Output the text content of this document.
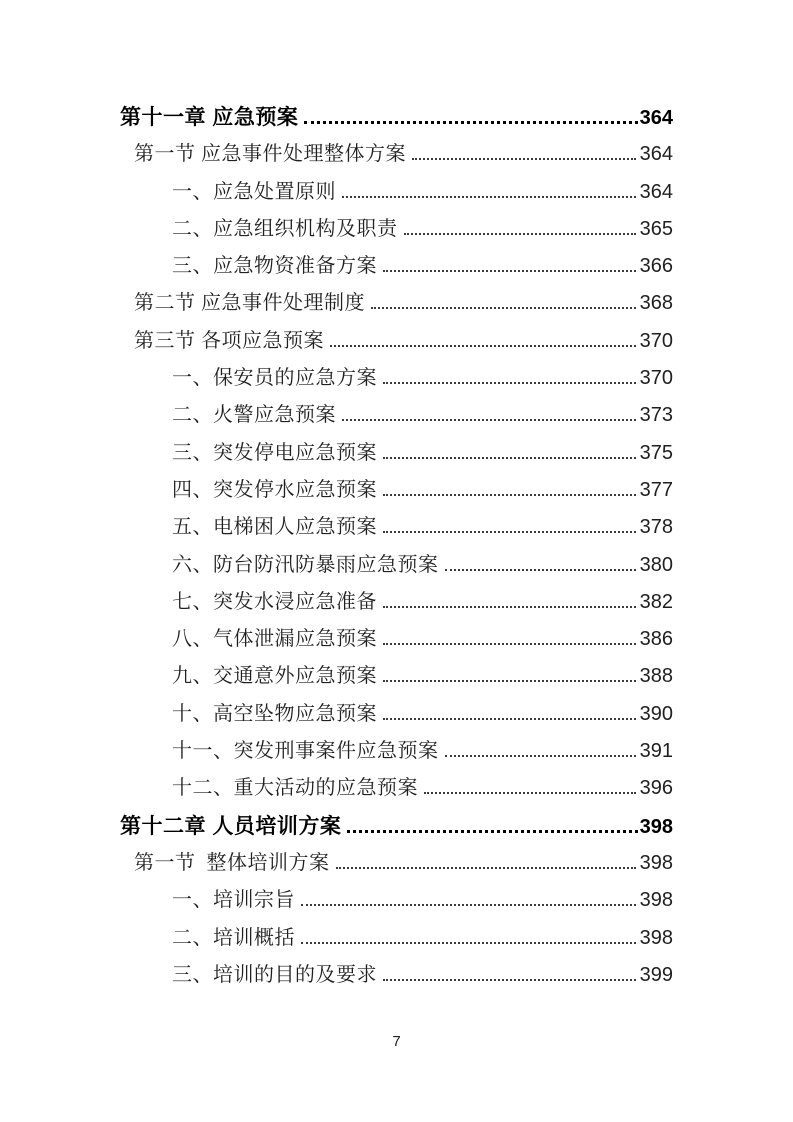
第十一章 应急预案	364
第一节 应急事件处理整体方案	364
一、应急处置原则	364
二、应急组织机构及职责	365
三、应急物资准备方案	366
第二节 应急事件处理制度	368
第三节 各项应急预案	370
一、保安员的应急方案	370
二、火警应急预案	373
三、突发停电应急预案	375
四、突发停水应急预案	377
五、电梯困人应急预案	378
六、防台防汛防暴雨应急预案	380
七、突发水浸应急准备	382
八、气体泄漏应急预案	386
九、交通意外应急预案	388
十、高空坠物应急预案	390
十一、突发刑事案件应急预案	391
十二、重大活动的应急预案	396
第十二章 人员培训方案	398
第一节  整体培训方案	398
一、培训宗旨	398
二、培训概括	398
三、培训的目的及要求	399
7
